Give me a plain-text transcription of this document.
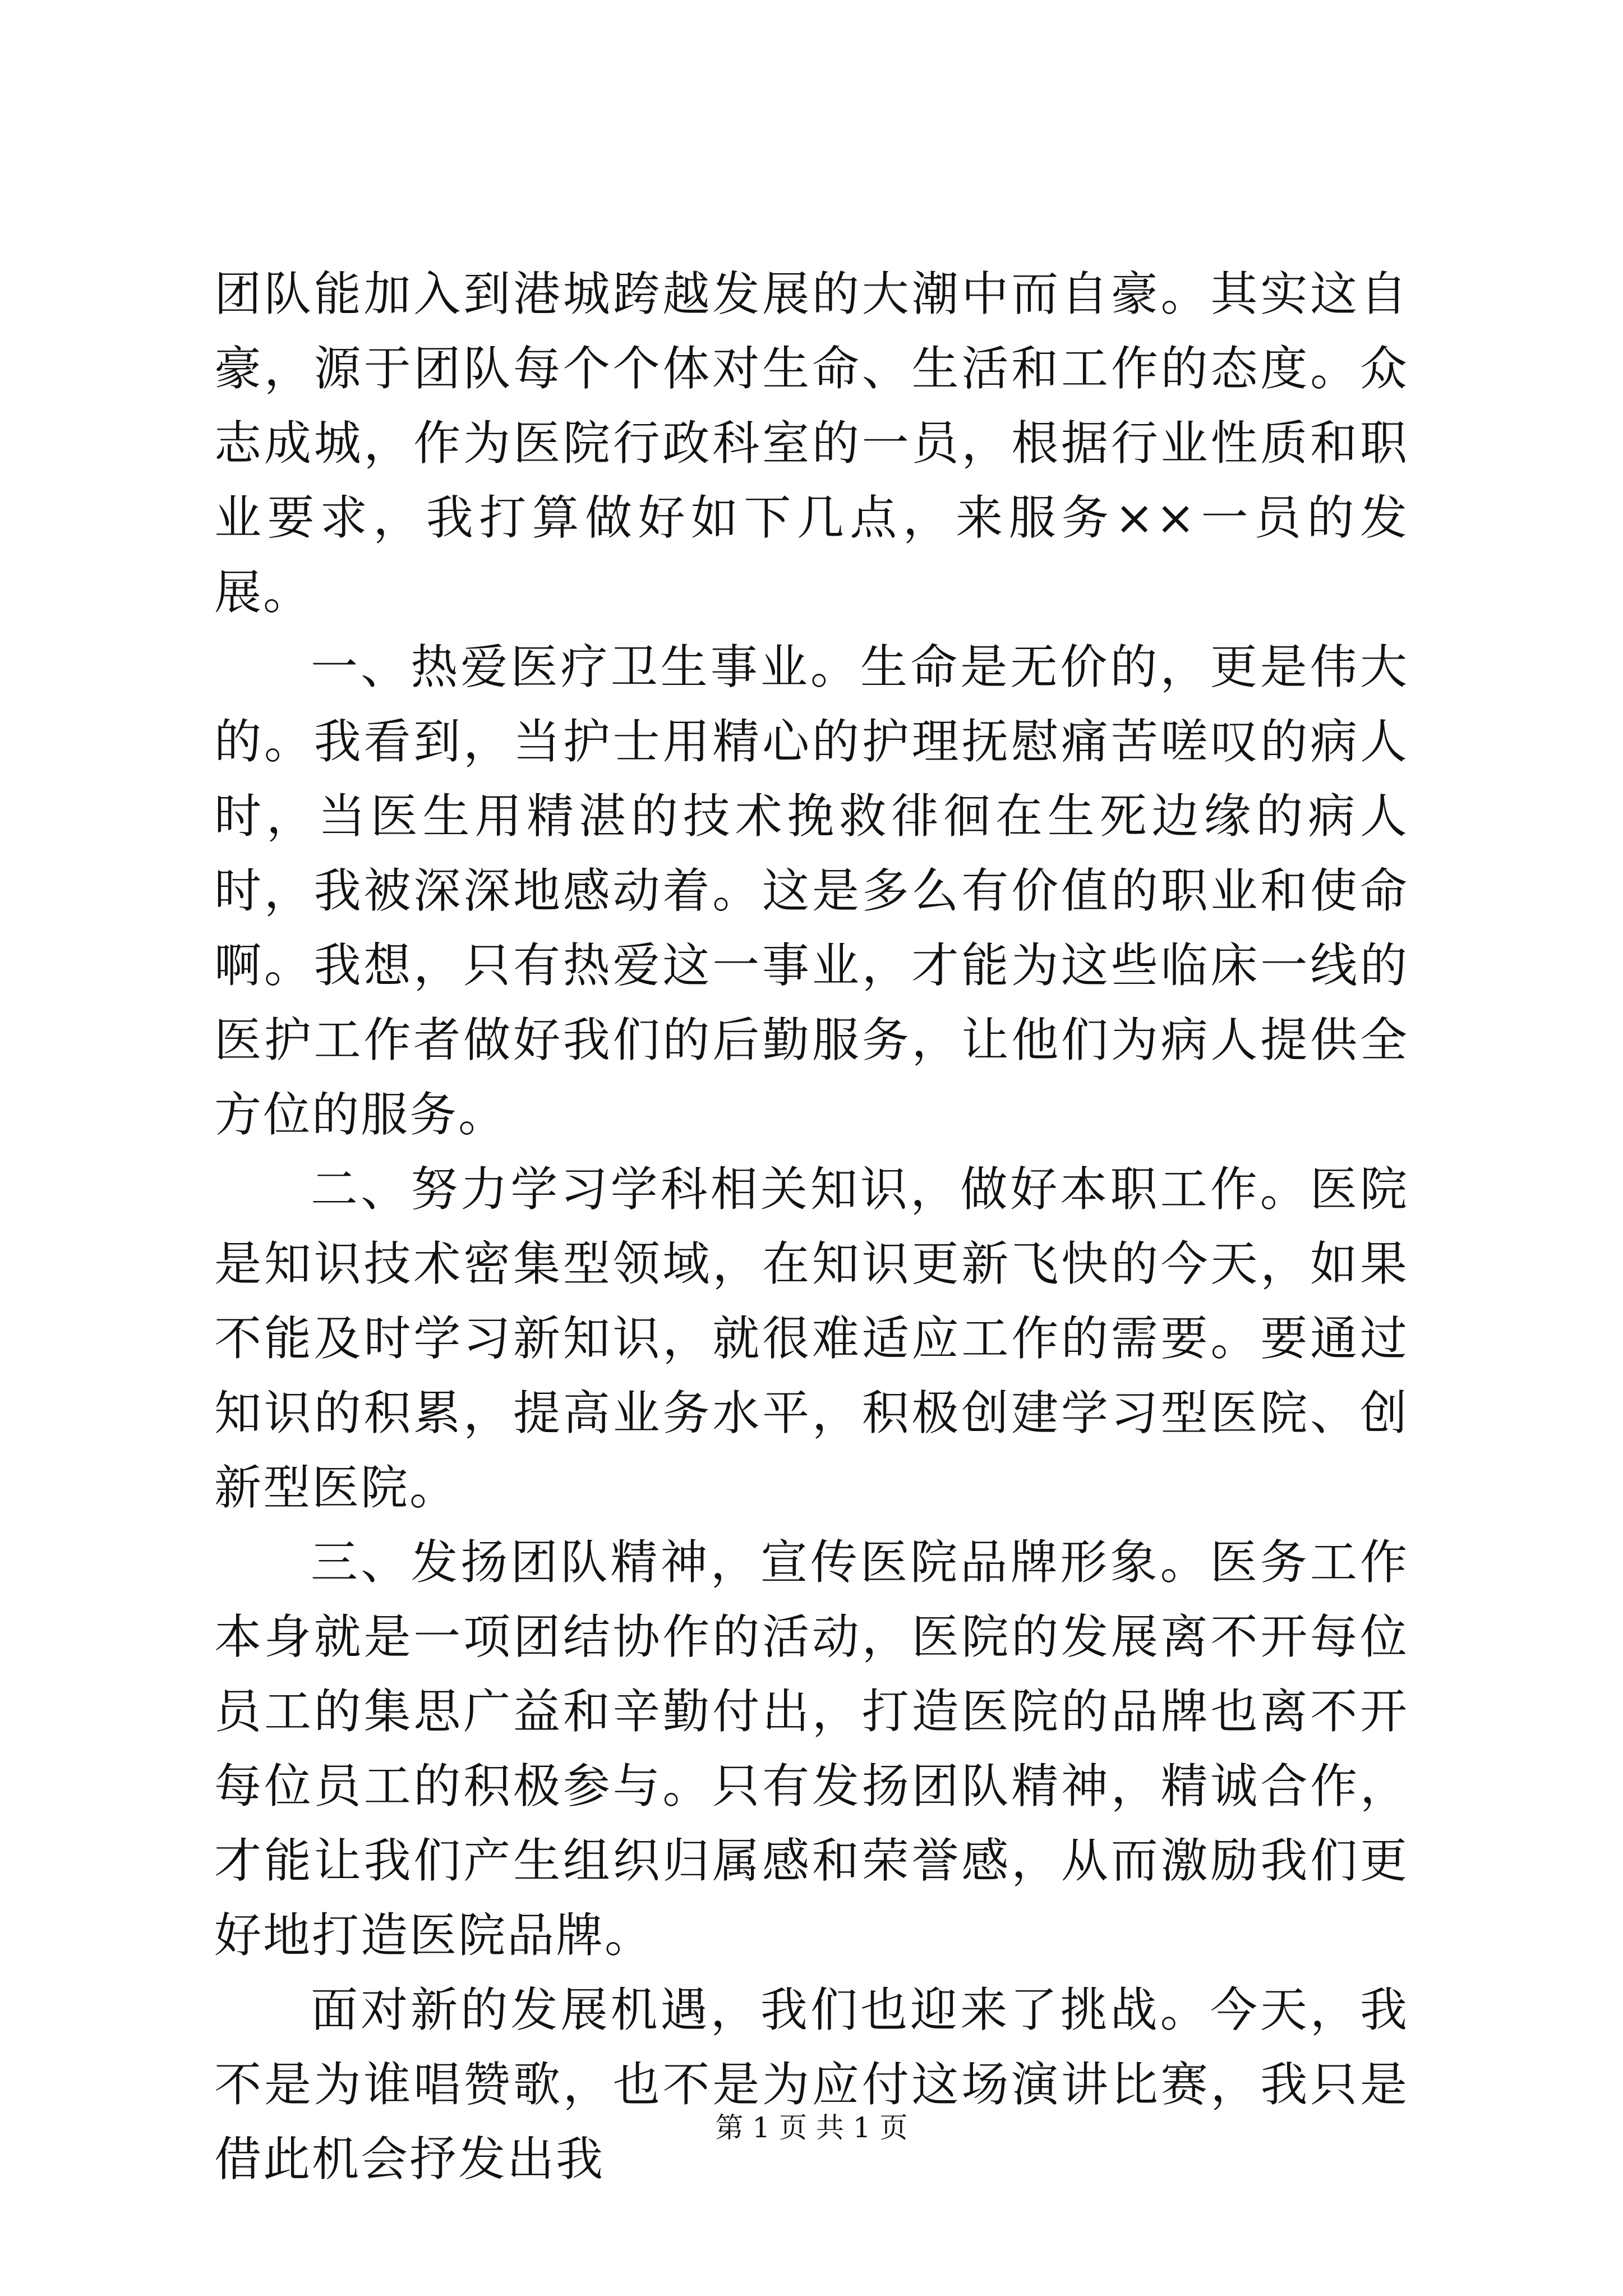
团队能加入到港城跨越发展的大潮中而自豪。其实这自豪，源于团队每个个体对生命、生活和工作的态度。众志成城，作为医院行政科室的一员，根据行业性质和职业要求，我打算做好如下几点，来服务××一员的发展。

一、热爱医疗卫生事业。生命是无价的，更是伟大的。我看到，当护士用精心的护理抚慰痛苦嗟叹的病人时，当医生用精湛的技术挽救徘徊在生死边缘的病人时，我被深深地感动着。这是多么有价值的职业和使命啊。我想，只有热爱这一事业，才能为这些临床一线的医护工作者做好我们的后勤服务，让他们为病人提供全方位的服务。

二、努力学习学科相关知识，做好本职工作。医院是知识技术密集型领域，在知识更新飞快的今天，如果不能及时学习新知识，就很难适应工作的需要。要通过知识的积累，提高业务水平，积极创建学习型医院、创新型医院。

三、发扬团队精神，宣传医院品牌形象。医务工作本身就是一项团结协作的活动，医院的发展离不开每位员工的集思广益和辛勤付出，打造医院的品牌也离不开每位员工的积极参与。只有发扬团队精神，精诚合作，才能让我们产生组织归属感和荣誉感，从而激励我们更好地打造医院品牌。

面对新的发展机遇，我们也迎来了挑战。今天，我不是为谁唱赞歌，也不是为应付这场演讲比赛，我只是借此机会抒发出我

第 1 页 共 1 页
